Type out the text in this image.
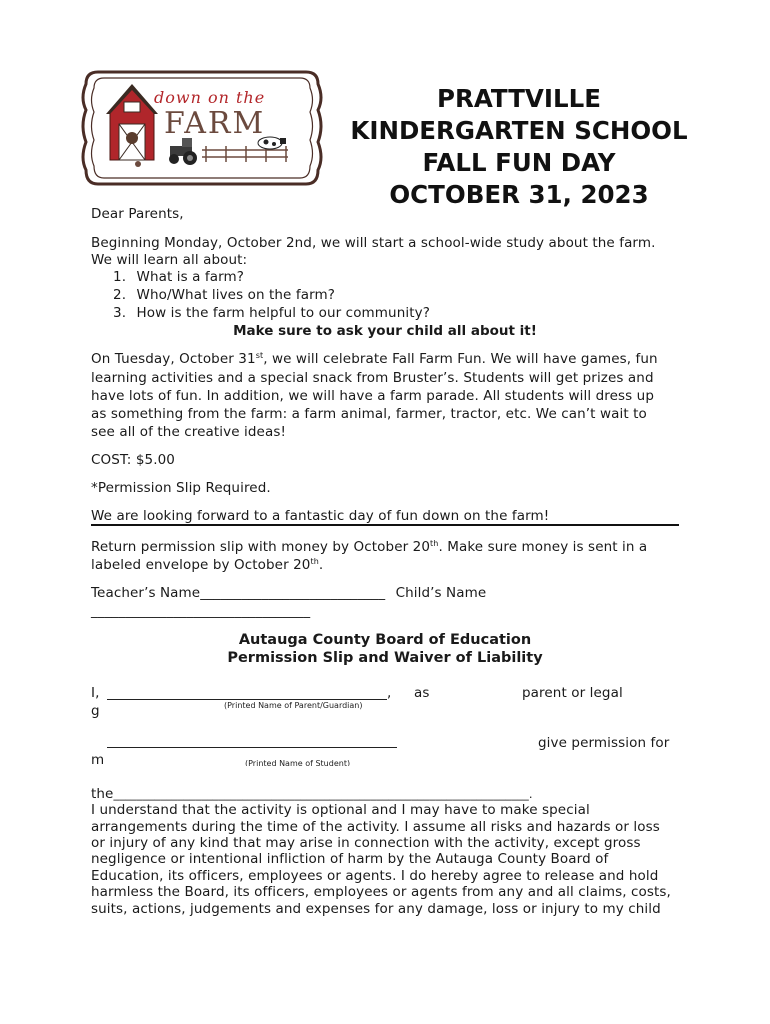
down on the
FARM
PRATTVILLE
KINDERGARTEN SCHOOL
FALL FUN DAY
OCTOBER 31, 2023
Dear Parents,
Beginning Monday, October 2nd, we will start a school-wide study about the farm.
We will learn all about:
1. What is a farm?
2. Who/What lives on the farm?
3. How is the farm helpful to our community?
Make sure to ask your child all about it!
On Tuesday, October 31st, we will celebrate Fall Farm Fun. We will have games, fun
learning activities and a special snack from Bruster’s. Students will get prizes and
have lots of fun. In addition, we will have a farm parade. All students will dress up
as something from the farm: a farm animal, farmer, tractor, etc. We can’t wait to
see all of the creative ideas!
COST: $5.00
*Permission Slip Required.
We are looking forward to a fantastic day of fun down on the farm!
Return permission slip with money by October 20th. Make sure money is sent in a
labeled envelope by October 20th.
Teacher’s Name___________________________ Child’s Name
________________________________
Autauga County Board of Education
Permission Slip and Waiver of Liability
I,	, as	parent or legal
g	(Printed Name of Parent/Guardian)
give permission for
m	(Printed Name of Student)
the_______________________________________________________________________.
I understand that the activity is optional and I may have to make special
arrangements during the time of the activity. I assume all risks and hazards or loss
or injury of any kind that may arise in connection with the activity, except gross
negligence or intentional infliction of harm by the Autauga County Board of
Education, its officers, employees or agents. I do hereby agree to release and hold
harmless the Board, its officers, employees or agents from any and all claims, costs,
suits, actions, judgements and expenses for any damage, loss or injury to my child
